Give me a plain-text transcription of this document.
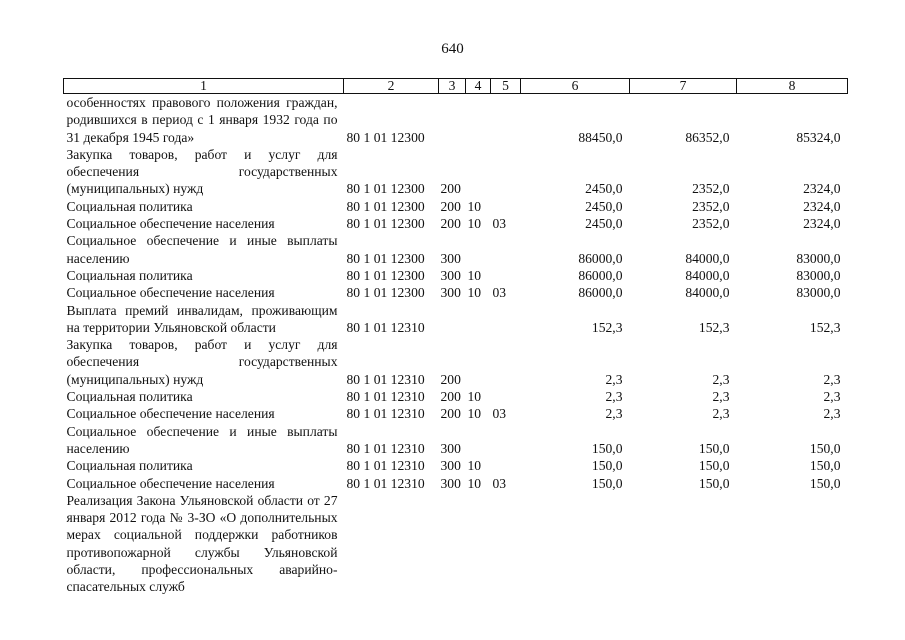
640
1	2	3	4	5	6	7	8
особенностях правового положения граждан, родившихся в период с 1 января 1932 года по 31 декабря 1945 года»	80 1 01 12300				88450,0	86352,0	85324,0
Закупка товаров, работ и услуг для обеспечения государственных (муниципальных) нужд	80 1 01 12300	200			2450,0	2352,0	2324,0
Социальная политика	80 1 01 12300	200	10		2450,0	2352,0	2324,0
Социальное обеспечение населения	80 1 01 12300	200	10	03	2450,0	2352,0	2324,0
Социальное обеспечение и иные выплаты населению	80 1 01 12300	300			86000,0	84000,0	83000,0
Социальная политика	80 1 01 12300	300	10		86000,0	84000,0	83000,0
Социальное обеспечение населения	80 1 01 12300	300	10	03	86000,0	84000,0	83000,0
Выплата премий инвалидам, проживающим на территории Ульяновской области	80 1 01 12310				152,3	152,3	152,3
Закупка товаров, работ и услуг для обеспечения государственных (муниципальных) нужд	80 1 01 12310	200			2,3	2,3	2,3
Социальная политика	80 1 01 12310	200	10		2,3	2,3	2,3
Социальное обеспечение населения	80 1 01 12310	200	10	03	2,3	2,3	2,3
Социальное обеспечение и иные выплаты населению	80 1 01 12310	300			150,0	150,0	150,0
Социальная политика	80 1 01 12310	300	10		150,0	150,0	150,0
Социальное обеспечение населения	80 1 01 12310	300	10	03	150,0	150,0	150,0
Реализация Закона Ульяновской области от 27 января 2012 года № 3-ЗО «О дополнительных мерах социальной поддержки работников противопожарной службы Ульяновской области, профессиональных аварийно-спасательных служб							
